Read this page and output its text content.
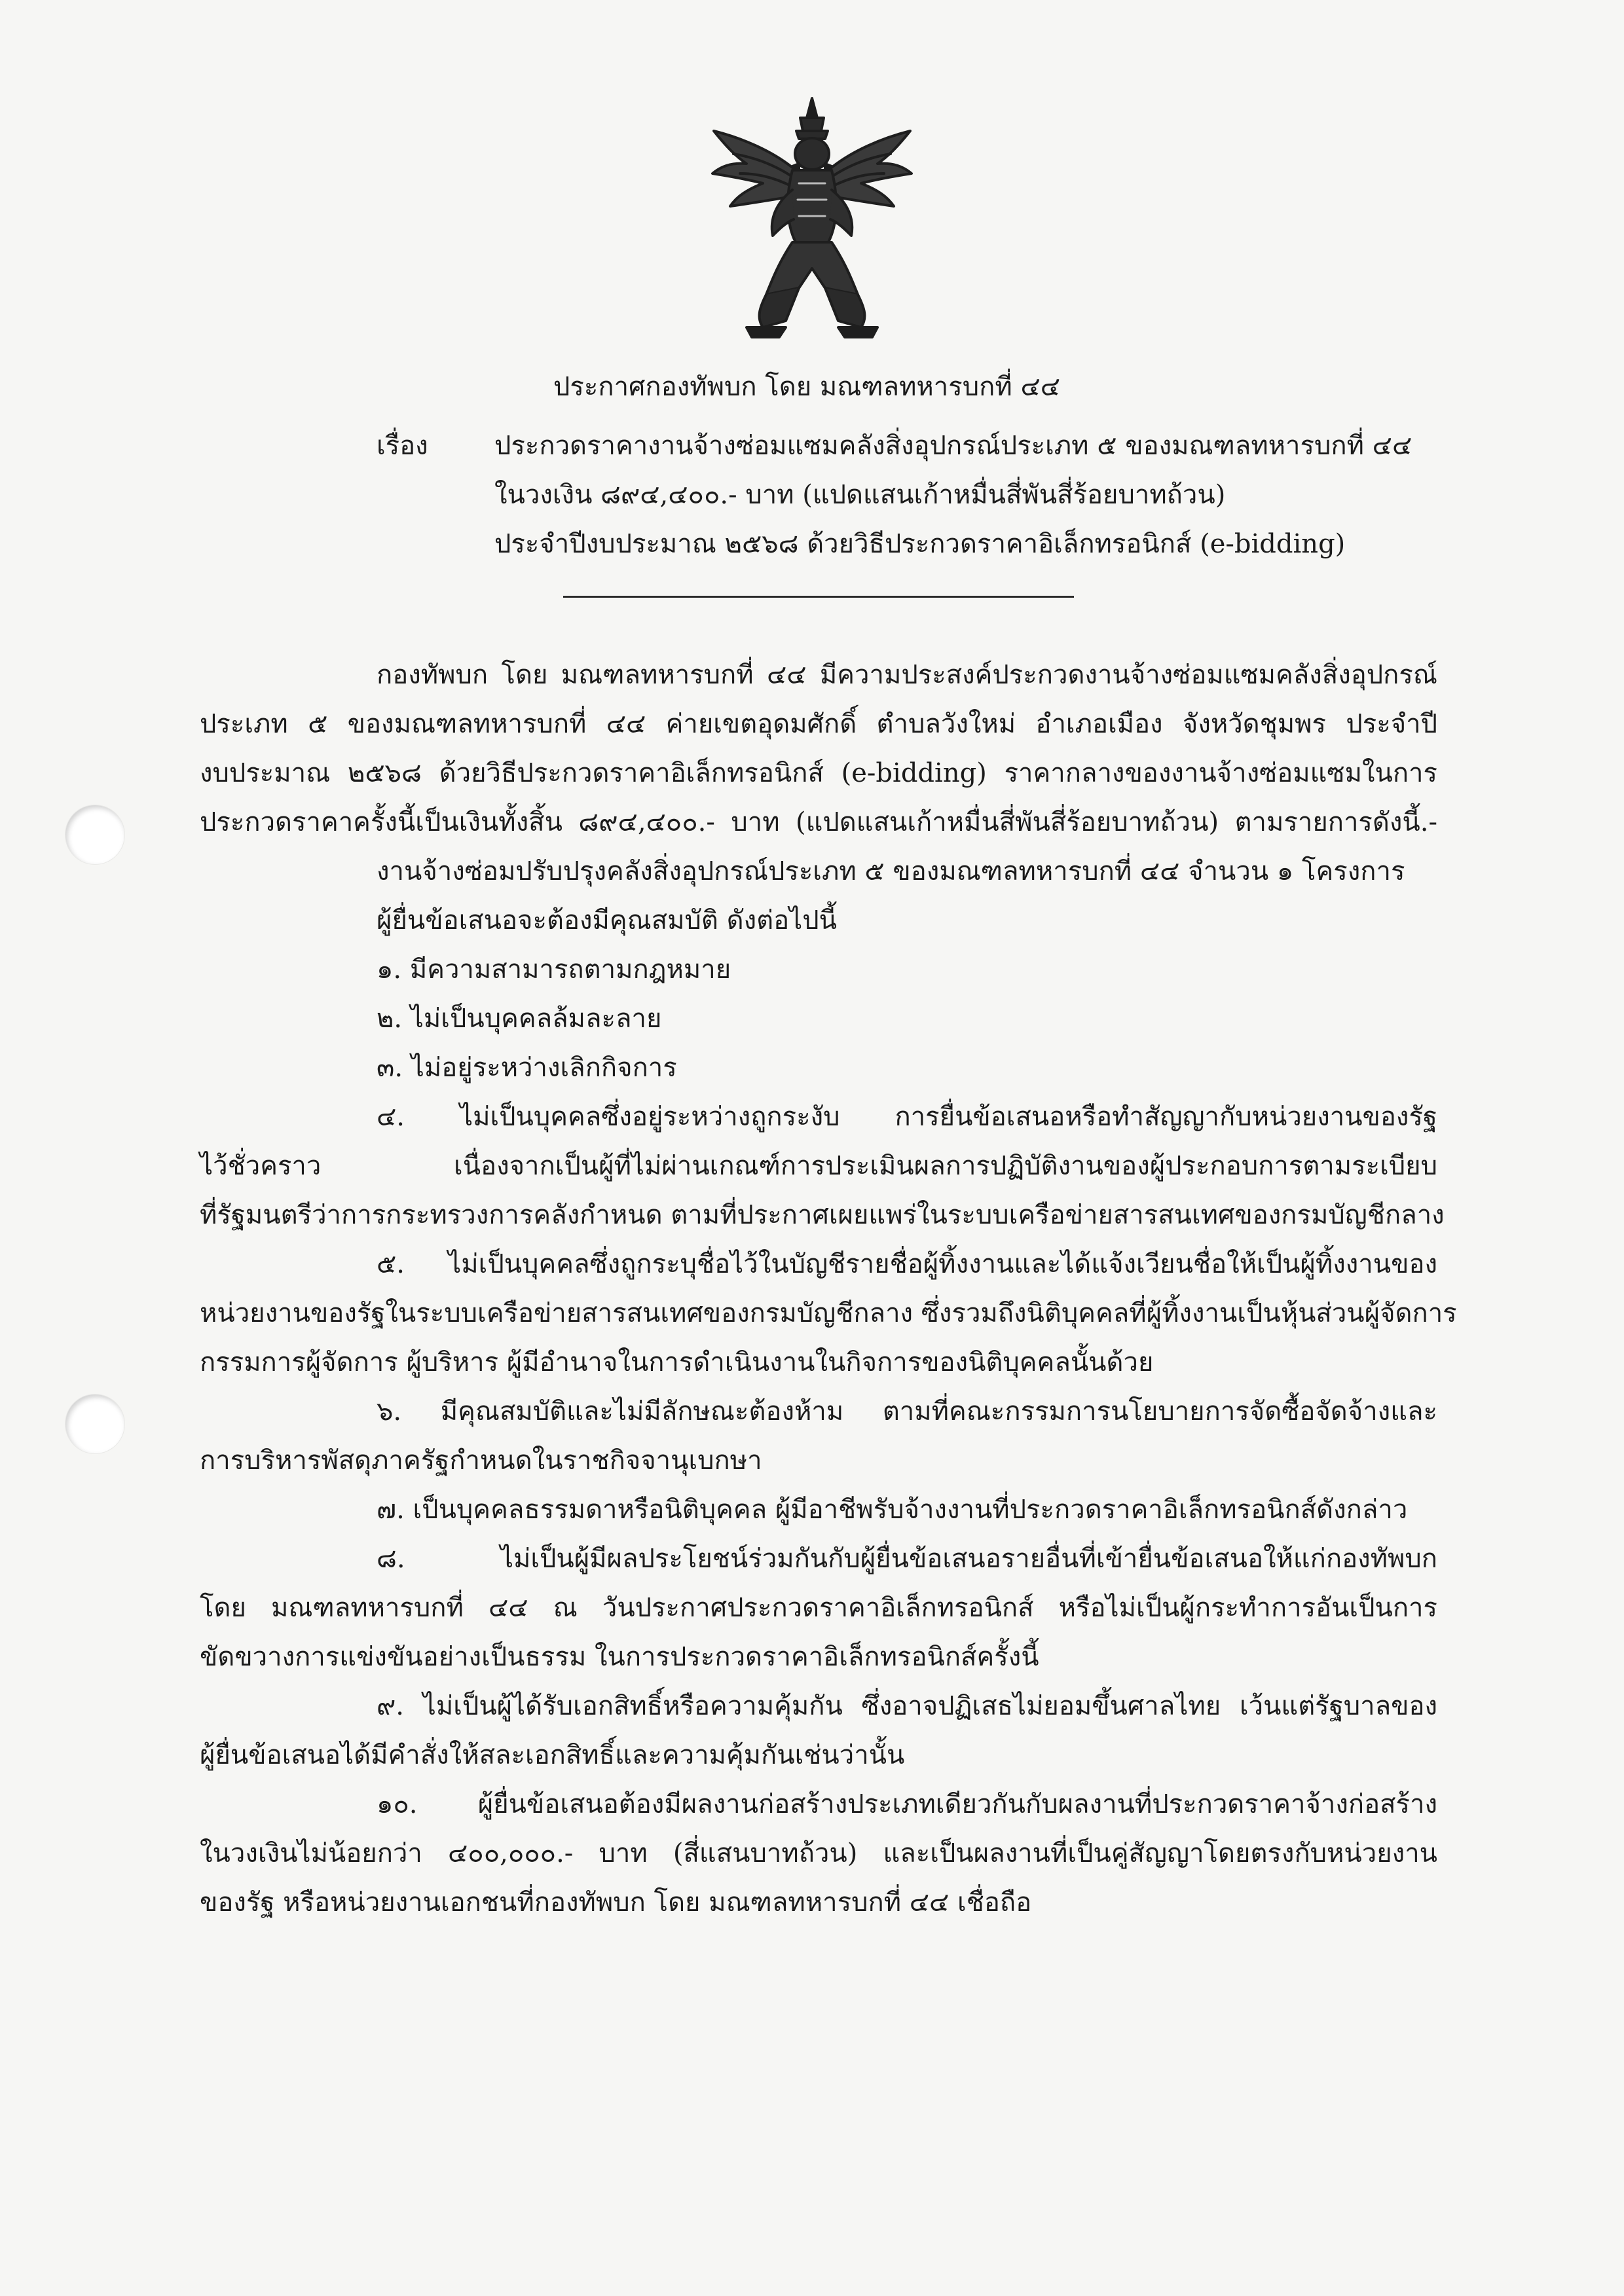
ประกาศกองทัพบก โดย มณฑลทหารบกที่ ๔๔
เรื่อง	ประกวดราคางานจ้างซ่อมแซมคลังสิ่งอุปกรณ์ประเภท ๕ ของมณฑลทหารบกที่ ๔๔
ในวงเงิน ๘๙๔,๔๐๐.- บาท (แปดแสนเก้าหมื่นสี่พันสี่ร้อยบาทถ้วน)
ประจำปีงบประมาณ ๒๕๖๘ ด้วยวิธีประกวดราคาอิเล็กทรอนิกส์ (e-bidding)
กองทัพบก โดย มณฑลทหารบกที่ ๔๔ มีความประสงค์ประกวดงานจ้างซ่อมแซมคลังสิ่งอุปกรณ์
ประเภท ๕ ของมณฑลทหารบกที่ ๔๔ ค่ายเขตอุดมศักดิ์ ตำบลวังใหม่ อำเภอเมือง จังหวัดชุมพร ประจำปี
งบประมาณ ๒๕๖๘ ด้วยวิธีประกวดราคาอิเล็กทรอนิกส์ (e-bidding) ราคากลางของงานจ้างซ่อมแซมในการ
ประกวดราคาครั้งนี้เป็นเงินทั้งสิ้น ๘๙๔,๔๐๐.- บาท (แปดแสนเก้าหมื่นสี่พันสี่ร้อยบาทถ้วน) ตามรายการดังนี้.-
งานจ้างซ่อมปรับปรุงคลังสิ่งอุปกรณ์ประเภท ๕ ของมณฑลทหารบกที่ ๔๔ จำนวน ๑ โครงการ
ผู้ยื่นข้อเสนอจะต้องมีคุณสมบัติ ดังต่อไปนี้
๑. มีความสามารถตามกฎหมาย
๒. ไม่เป็นบุคคลล้มละลาย
๓. ไม่อยู่ระหว่างเลิกกิจการ
๔. ไม่เป็นบุคคลซึ่งอยู่ระหว่างถูกระงับ การยื่นข้อเสนอหรือทำสัญญากับหน่วยงานของรัฐ
ไว้ชั่วคราว เนื่องจากเป็นผู้ที่ไม่ผ่านเกณฑ์การประเมินผลการปฏิบัติงานของผู้ประกอบการตามระเบียบ
ที่รัฐมนตรีว่าการกระทรวงการคลังกำหนด ตามที่ประกาศเผยแพร่ในระบบเครือข่ายสารสนเทศของกรมบัญชีกลาง
๕. ไม่เป็นบุคคลซึ่งถูกระบุชื่อไว้ในบัญชีรายชื่อผู้ทิ้งงานและได้แจ้งเวียนชื่อให้เป็นผู้ทิ้งงานของ
หน่วยงานของรัฐในระบบเครือข่ายสารสนเทศของกรมบัญชีกลาง ซึ่งรวมถึงนิติบุคคลที่ผู้ทิ้งงานเป็นหุ้นส่วนผู้จัดการ
กรรมการผู้จัดการ ผู้บริหาร ผู้มีอำนาจในการดำเนินงานในกิจการของนิติบุคคลนั้นด้วย
๖. มีคุณสมบัติและไม่มีลักษณะต้องห้าม ตามที่คณะกรรมการนโยบายการจัดซื้อจัดจ้างและ
การบริหารพัสดุภาครัฐกำหนดในราชกิจจานุเบกษา
๗. เป็นบุคคลธรรมดาหรือนิติบุคคล ผู้มีอาชีพรับจ้างงานที่ประกวดราคาอิเล็กทรอนิกส์ดังกล่าว
๘. ไม่เป็นผู้มีผลประโยชน์ร่วมกันกับผู้ยื่นข้อเสนอรายอื่นที่เข้ายื่นข้อเสนอให้แก่กองทัพบก
โดย มณฑลทหารบกที่ ๔๔ ณ วันประกาศประกวดราคาอิเล็กทรอนิกส์ หรือไม่เป็นผู้กระทำการอันเป็นการ
ขัดขวางการแข่งขันอย่างเป็นธรรม ในการประกวดราคาอิเล็กทรอนิกส์ครั้งนี้
๙. ไม่เป็นผู้ได้รับเอกสิทธิ์หรือความคุ้มกัน ซึ่งอาจปฏิเสธไม่ยอมขึ้นศาลไทย เว้นแต่รัฐบาลของ
ผู้ยื่นข้อเสนอได้มีคำสั่งให้สละเอกสิทธิ์และความคุ้มกันเช่นว่านั้น
๑๐. ผู้ยื่นข้อเสนอต้องมีผลงานก่อสร้างประเภทเดียวกันกับผลงานที่ประกวดราคาจ้างก่อสร้าง
ในวงเงินไม่น้อยกว่า ๔๐๐,๐๐๐.- บาท (สี่แสนบาทถ้วน) และเป็นผลงานที่เป็นคู่สัญญาโดยตรงกับหน่วยงาน
ของรัฐ หรือหน่วยงานเอกชนที่กองทัพบก โดย มณฑลทหารบกที่ ๔๔ เชื่อถือ
